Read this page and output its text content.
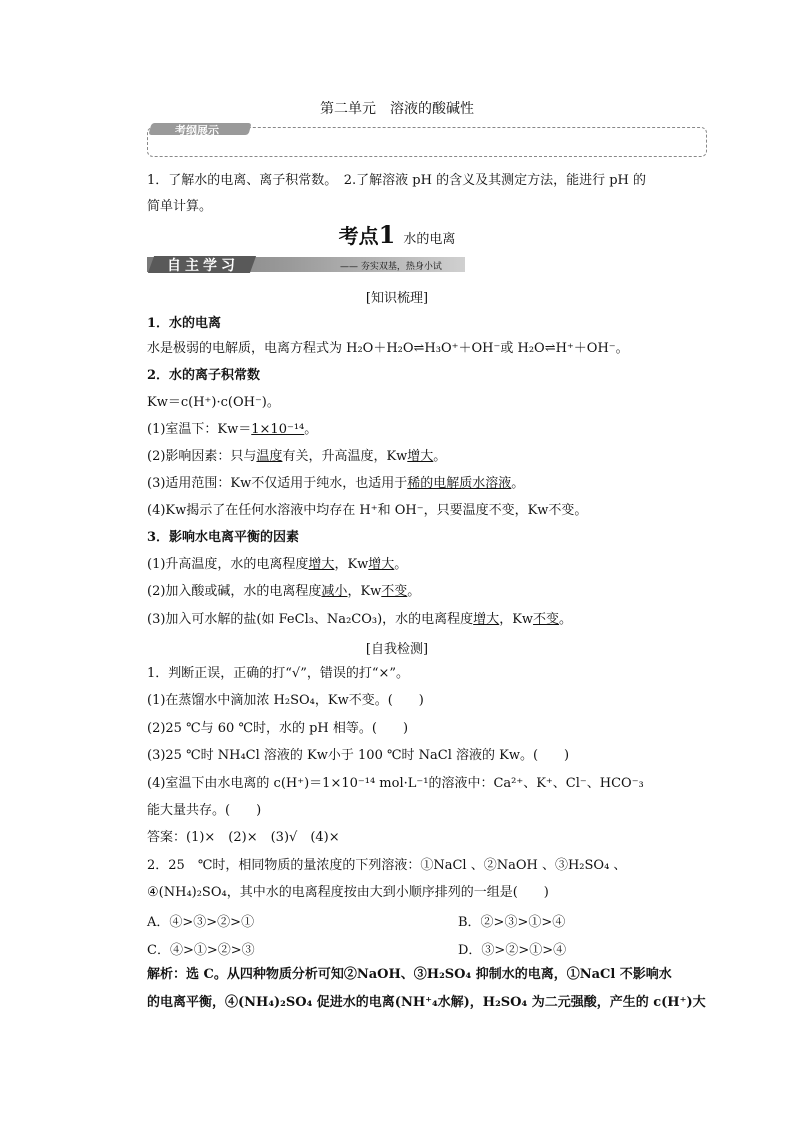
第二单元　溶液的酸碱性
考纲展示
1．了解水的电离、离子积常数。　2.了解溶液 pH 的含义及其测定方法，能进行 pH 的
简单计算。
考点1 水的电离
自主学习	—— 夯实双基，热身小试
[知识梳理]
1．水的电离
水是极弱的电解质，电离方程式为 H₂O＋H₂O⇌H₃O⁺＋OH⁻或 H₂O⇌H⁺＋OH⁻。
2．水的离子积常数
Kw＝c(H⁺)·c(OH⁻)。
(1)室温下：Kw＝1×10⁻¹⁴。
(2)影响因素：只与温度有关，升高温度，Kw增大。
(3)适用范围：Kw不仅适用于纯水，也适用于稀的电解质水溶液。
(4)Kw揭示了在任何水溶液中均存在 H⁺和 OH⁻，只要温度不变，Kw不变。
3．影响水电离平衡的因素
(1)升高温度，水的电离程度增大，Kw增大。
(2)加入酸或碱，水的电离程度减小，Kw不变。
(3)加入可水解的盐(如 FeCl₃、Na₂CO₃)，水的电离程度增大，Kw不变。
[自我检测]
1．判断正误，正确的打“√”，错误的打“×”。
(1)在蒸馏水中滴加浓 H₂SO₄，Kw不变。(　　)
(2)25 ℃与 60 ℃时，水的 pH 相等。(　　)
(3)25 ℃时 NH₄Cl 溶液的 Kw小于 100 ℃时 NaCl 溶液的 Kw。(　　)
(4)室温下由水电离的 c(H⁺)＝1×10⁻¹⁴ mol·L⁻¹的溶液中：Ca²⁺、K⁺、Cl⁻、HCO⁻₃
能大量共存。(　　)
答案：(1)×　(2)×　(3)√　(4)×
2．25　℃时，相同物质的量浓度的下列溶液：①NaCl 、②NaOH 、③H₂SO₄ 、
④(NH₄)₂SO₄，其中水的电离程度按由大到小顺序排列的一组是(　　)
A．④>③>②>①	B．②>③>①>④
C．④>①>②>③	D．③>②>①>④
解析：选 C。从四种物质分析可知②NaOH、③H₂SO₄ 抑制水的电离，①NaCl 不影响水
的电离平衡，④(NH₄)₂SO₄ 促进水的电离(NH⁺₄水解)，H₂SO₄ 为二元强酸，产生的 c(H⁺)大
